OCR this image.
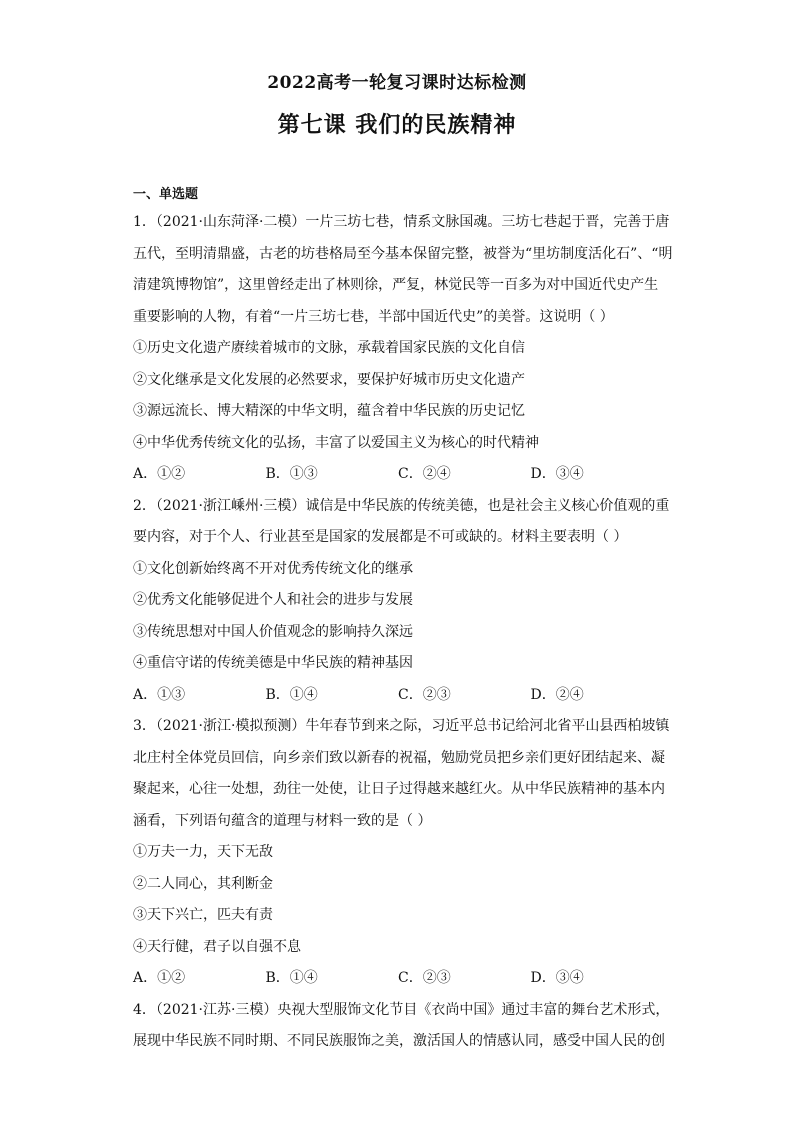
2022高考一轮复习课时达标检测
第七课 我们的民族精神
一、单选题
1．（2021·山东菏泽·二模）一片三坊七巷，情系文脉国魂。三坊七巷起于晋，完善于唐
五代，至明清鼎盛，古老的坊巷格局至今基本保留完整，被誉为“里坊制度活化石”、“明
清建筑博物馆”，这里曾经走出了林则徐，严复，林觉民等一百多为对中国近代史产生
重要影响的人物，有着“一片三坊七巷，半部中国近代史”的美誉。这说明（ ）
①历史文化遗产赓续着城市的文脉，承载着国家民族的文化自信
②文化继承是文化发展的必然要求，要保护好城市历史文化遗产
③源远流长、博大精深的中华文明，蕴含着中华民族的历史记忆
④中华优秀传统文化的弘扬，丰富了以爱国主义为核心的时代精神
A．①②	B．①③	C．②④	D．③④
2．（2021·浙江嵊州·三模）诚信是中华民族的传统美德，也是社会主义核心价值观的重
要内容，对于个人、行业甚至是国家的发展都是不可或缺的。材料主要表明（ ）
①文化创新始终离不开对优秀传统文化的继承
②优秀文化能够促进个人和社会的进步与发展
③传统思想对中国人价值观念的影响持久深远
④重信守诺的传统美德是中华民族的精神基因
A．①③	B．①④	C．②③	D．②④
3．（2021·浙江·模拟预测）牛年春节到来之际，习近平总书记给河北省平山县西柏坡镇
北庄村全体党员回信，向乡亲们致以新春的祝福，勉励党员把乡亲们更好团结起来、凝
聚起来，心往一处想，劲往一处使，让日子过得越来越红火。从中华民族精神的基本内
涵看，下列语句蕴含的道理与材料一致的是（ ）
①万夫一力，天下无敌
②二人同心，其利断金
③天下兴亡，匹夫有责
④天行健，君子以自强不息
A．①②	B．①④	C．②③	D．③④
4．（2021·江苏·三模）央视大型服饰文化节目《衣尚中国》通过丰富的舞台艺术形式，
展现中华民族不同时期、不同民族服饰之美，激活国人的情感认同，感受中国人民的创
